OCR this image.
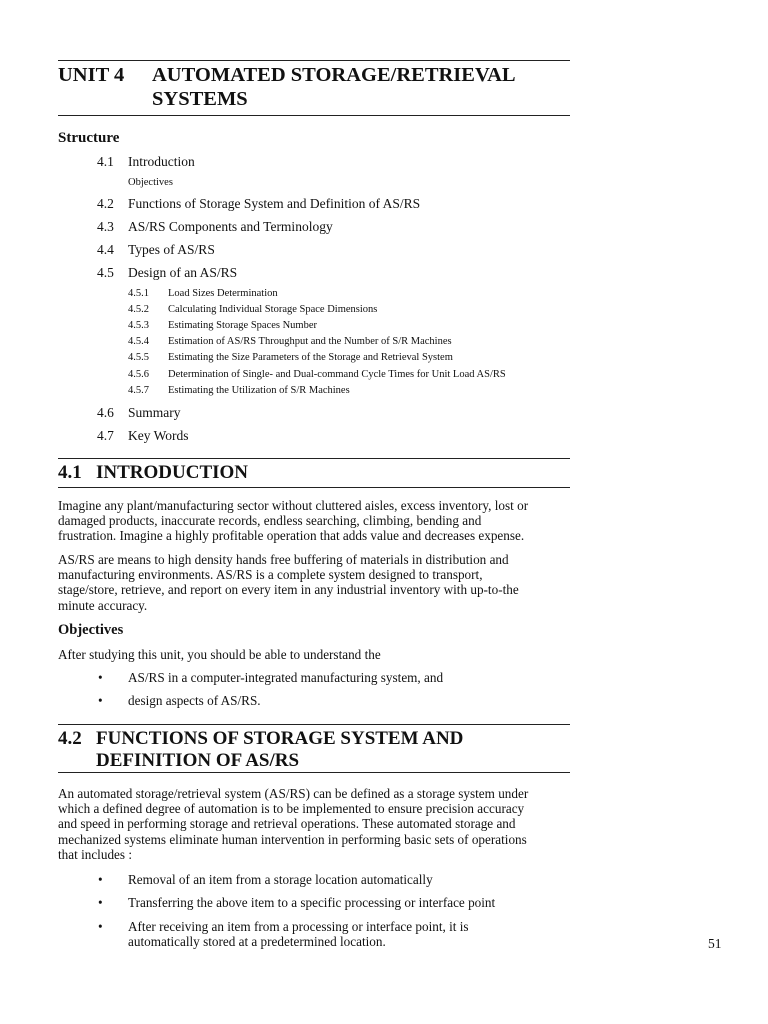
UNIT 4 AUTOMATED STORAGE/RETRIEVAL
SYSTEMS
Structure
4.1 Introduction
Objectives
4.2 Functions of Storage System and Definition of AS/RS
4.3 AS/RS Components and Terminology
4.4 Types of AS/RS
4.5 Design of an AS/RS
4.5.1 Load Sizes Determination
4.5.2 Calculating Individual Storage Space Dimensions
4.5.3 Estimating Storage Spaces Number
4.5.4 Estimation of AS/RS Throughput and the Number of S/R Machines
4.5.5 Estimating the Size Parameters of the Storage and Retrieval System
4.5.6 Determination of Single- and Dual-command Cycle Times for Unit Load AS/RS
4.5.7 Estimating the Utilization of S/R Machines
4.6 Summary
4.7 Key Words
4.1 INTRODUCTION
Imagine any plant/manufacturing sector without cluttered aisles, excess inventory, lost or
damaged products, inaccurate records, endless searching, climbing, bending and
frustration. Imagine a highly profitable operation that adds value and decreases expense.
AS/RS are means to high density hands free buffering of materials in distribution and
manufacturing environments. AS/RS is a complete system designed to transport,
stage/store, retrieve, and report on every item in any industrial inventory with up-to-the
minute accuracy.
Objectives
After studying this unit, you should be able to understand the
• AS/RS in a computer-integrated manufacturing system, and
• design aspects of AS/RS.
4.2 FUNCTIONS OF STORAGE SYSTEM AND
DEFINITION OF AS/RS
An automated storage/retrieval system (AS/RS) can be defined as a storage system under
which a defined degree of automation is to be implemented to ensure precision accuracy
and speed in performing storage and retrieval operations. These automated storage and
mechanized systems eliminate human intervention in performing basic sets of operations
that includes :
• Removal of an item from a storage location automatically
• Transferring the above item to a specific processing or interface point
• After receiving an item from a processing or interface point, it is
automatically stored at a predetermined location.	51
